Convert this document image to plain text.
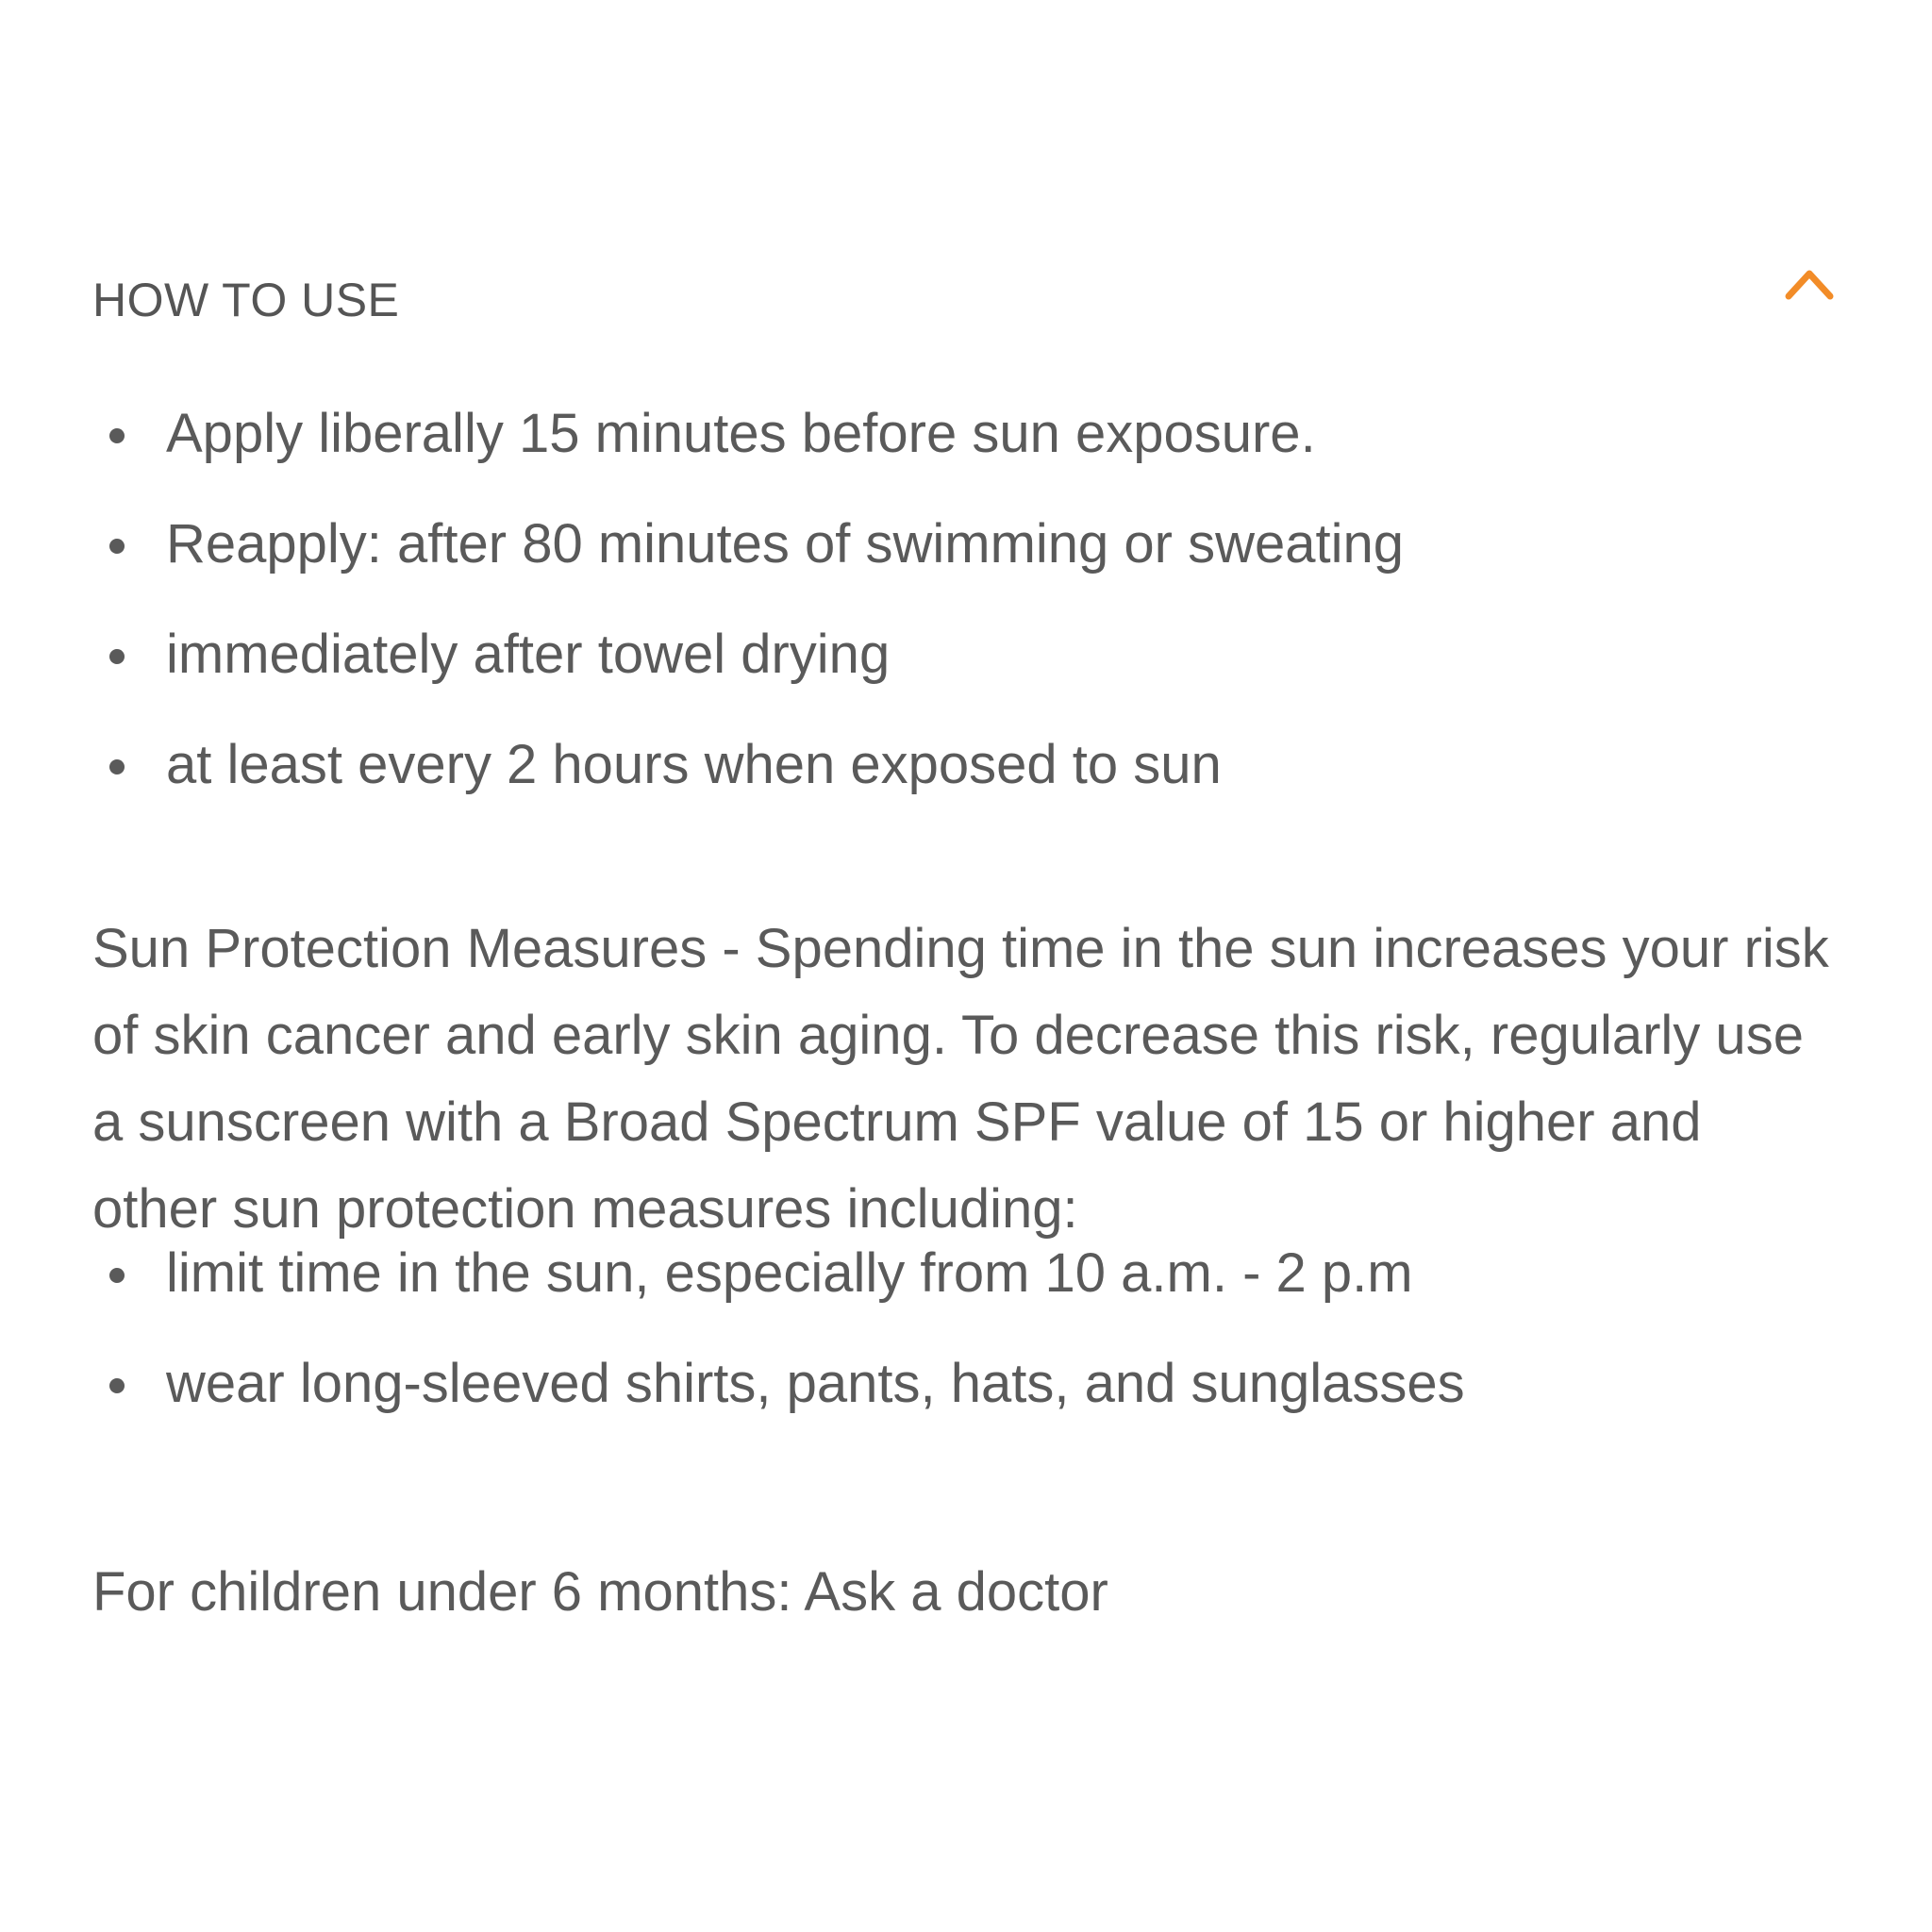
HOW TO USE
Apply liberally 15 minutes before sun exposure.
Reapply: after 80 minutes of swimming or sweating
immediately after towel drying
at least every 2 hours when exposed to sun

Sun Protection Measures - Spending time in the sun increases your risk of skin cancer and early skin aging. To decrease this risk, regularly use a sunscreen with a Broad Spectrum SPF value of 15 or higher and other sun protection measures including:

limit time in the sun, especially from 10 a.m. - 2 p.m
wear long-sleeved shirts, pants, hats, and sunglasses

For children under 6 months: Ask a doctor
